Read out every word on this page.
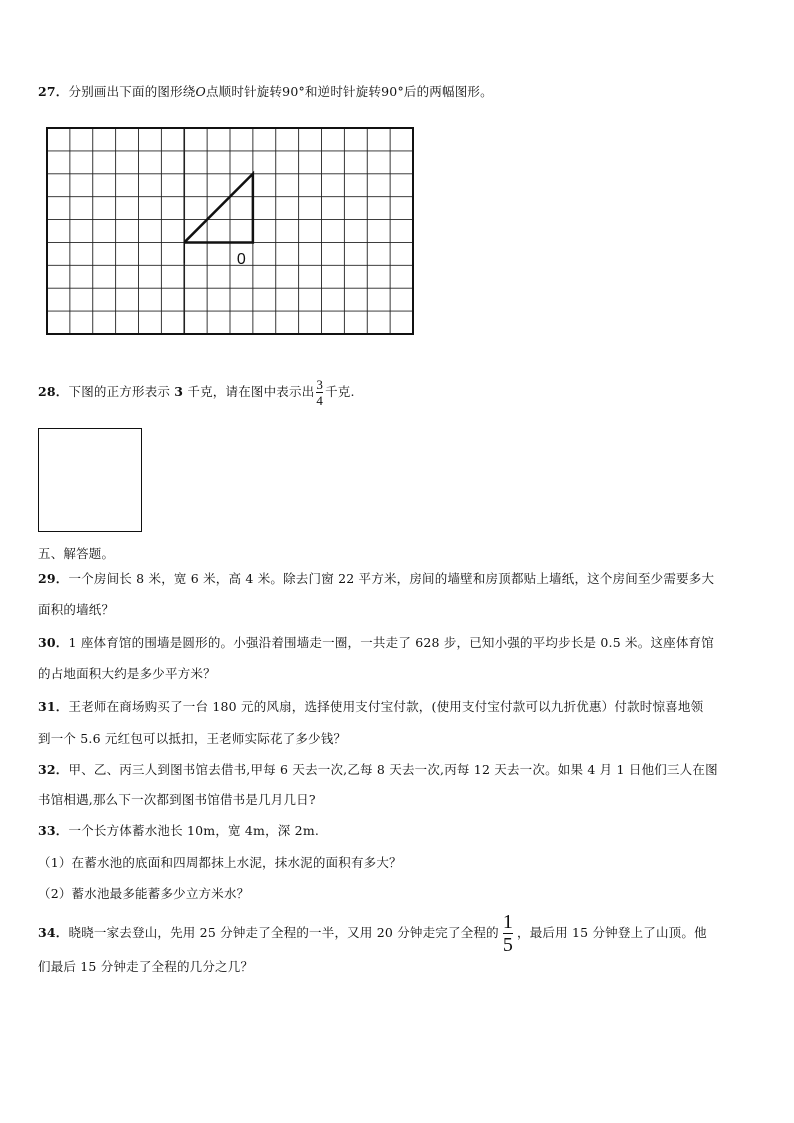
27．分别画出下面的图形绕O点顺时针旋转90°和逆时针旋转90°后的两幅图形。
0
28．下图的正方形表示 3 千克，请在图中表示出 $\frac{3}{4}$ 千克.
五、解答题。
29．一个房间长 8 米，宽 6 米，高 4 米。除去门窗 22 平方米，房间的墙壁和房顶都贴上墙纸，这个房间至少需要多大
面积的墙纸？
30．1 座体育馆的围墙是圆形的。小强沿着围墙走一圈，一共走了 628 步，已知小强的平均步长是 0.5 米。这座体育馆
的占地面积大约是多少平方米？
31．王老师在商场购买了一台 180 元的风扇，选择使用支付宝付款，(使用支付宝付款可以九折优惠）付款时惊喜地领
到一个 5.6 元红包可以抵扣，王老师实际花了多少钱？
32．甲、乙、丙三人到图书馆去借书,甲每 6 天去一次,乙每 8 天去一次,丙每 12 天去一次。如果 4 月 1 日他们三人在图
书馆相遇,那么下一次都到图书馆借书是几月几日?
33．一个长方体蓄水池长 10m，宽 4m，深 2m.
（1）在蓄水池的底面和四周都抹上水泥，抹水泥的面积有多大？
（2）蓄水池最多能蓄多少立方米水？
34．晓晓一家去登山，先用 25 分钟走了全程的一半，又用 20 分钟走完了全程的 $\frac{1}{5}$ ，最后用 15 分钟登上了山顶。他
们最后 15 分钟走了全程的几分之几？
